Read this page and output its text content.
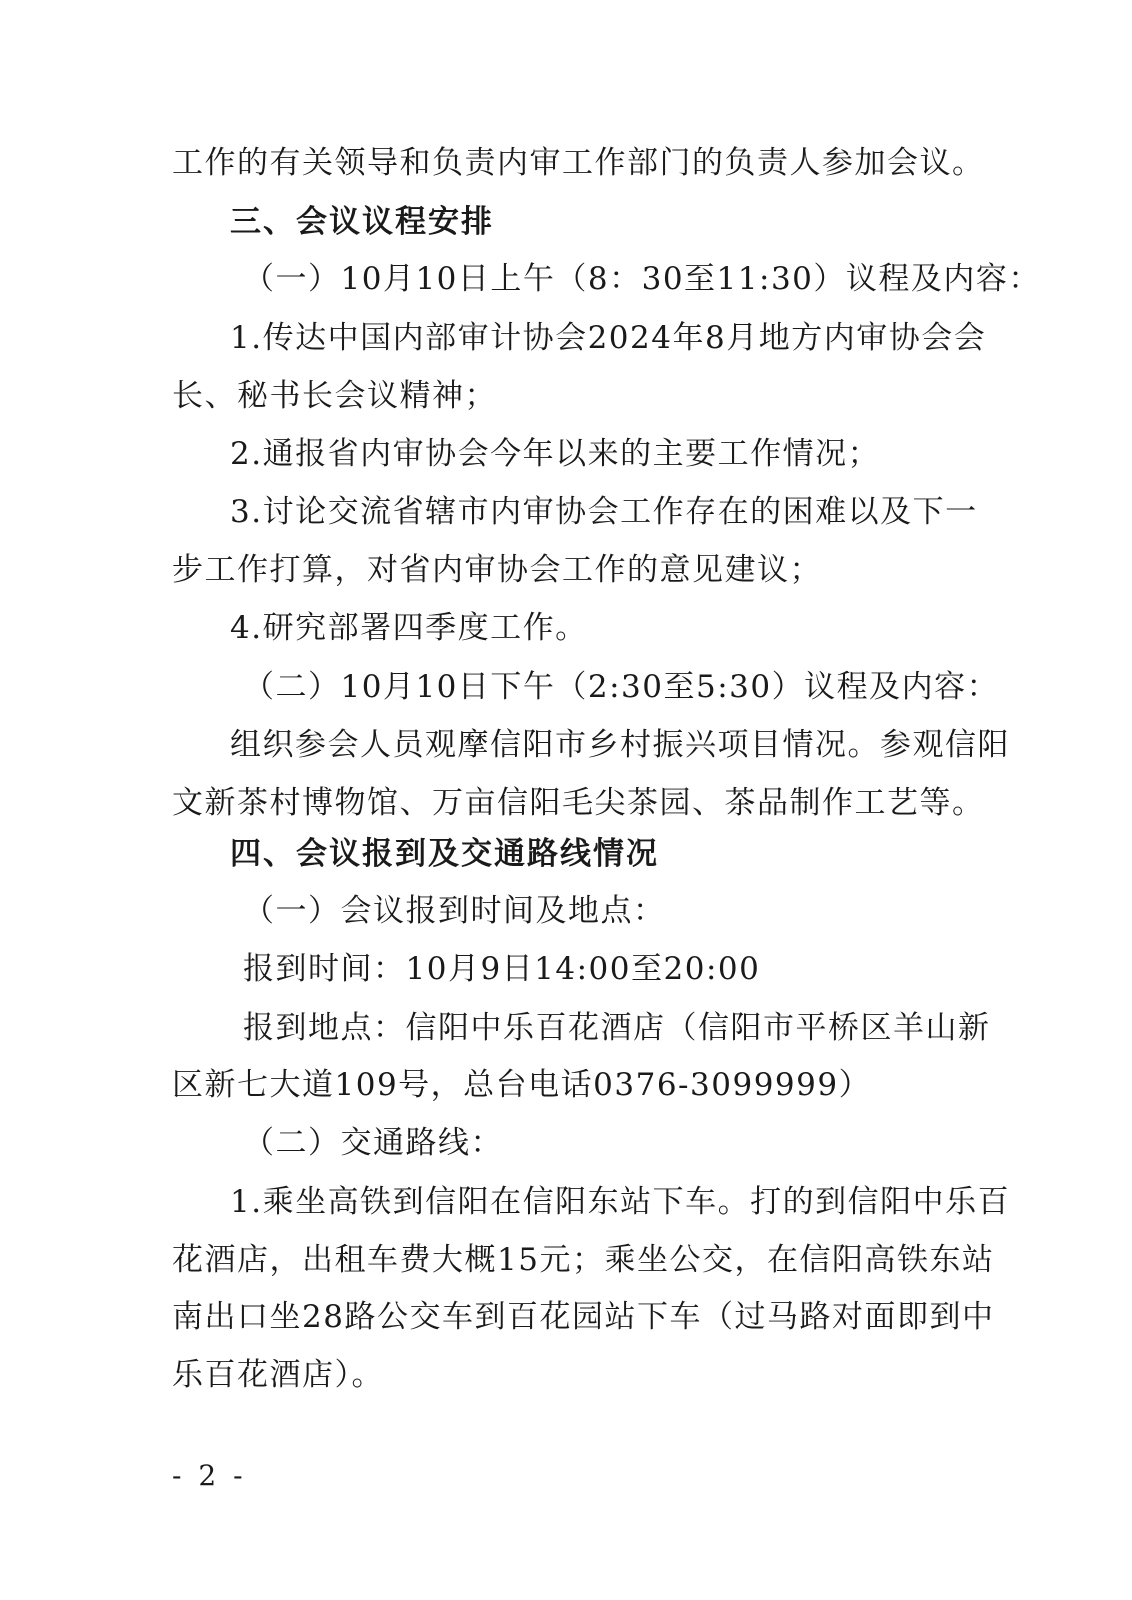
工作的有关领导和负责内审工作部门的负责人参加会议。
三、会议议程安排
（一）10月10日上午（8：30至11:30）议程及内容：
1.传达中国内部审计协会2024年8月地方内审协会会
长、秘书长会议精神；
2.通报省内审协会今年以来的主要工作情况；
3.讨论交流省辖市内审协会工作存在的困难以及下一
步工作打算，对省内审协会工作的意见建议；
4.研究部署四季度工作。
（二）10月10日下午（2:30至5:30）议程及内容：
组织参会人员观摩信阳市乡村振兴项目情况。参观信阳
文新茶村博物馆、万亩信阳毛尖茶园、茶品制作工艺等。
四、会议报到及交通路线情况
（一）会议报到时间及地点：
报到时间：10月9日14:00至20:00
报到地点：信阳中乐百花酒店（信阳市平桥区羊山新
区新七大道109号，总台电话0376-3099999）
（二）交通路线：
1.乘坐高铁到信阳在信阳东站下车。打的到信阳中乐百
花酒店，出租车费大概15元；乘坐公交，在信阳高铁东站
南出口坐28路公交车到百花园站下车（过马路对面即到中
乐百花酒店）。
- 2 -
